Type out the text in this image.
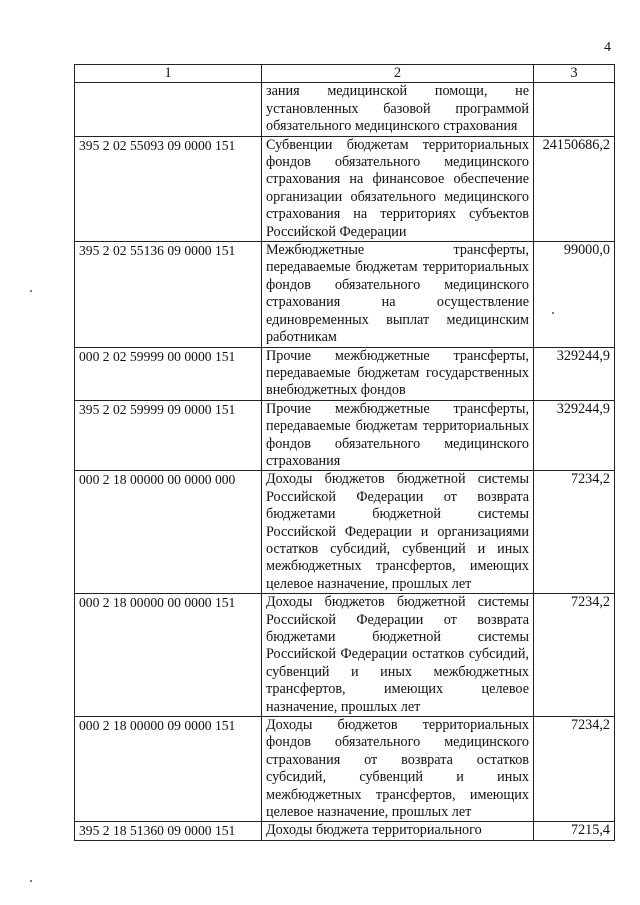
4
1	2	3
	зания медицинской помощи, не установленных базовой программой обязательного медицинского страхования	
395 2 02 55093 09 0000 151	Субвенции бюджетам территориальных фондов обязательного медицинского страхования на финансовое обеспечение организации обязательного медицинского страхования на территориях субъектов Российской Федерации	24150686,2
395 2 02 55136 09 0000 151	Межбюджетные трансферты, передаваемые бюджетам территориальных фондов обязательного медицинского страхования на осуществление единовременных выплат медицинским работникам	99000,0
000 2 02 59999 00 0000 151	Прочие межбюджетные трансферты, передаваемые бюджетам государственных внебюджетных фондов	329244,9
395 2 02 59999 09 0000 151	Прочие межбюджетные трансферты, передаваемые бюджетам территориальных фондов обязательного медицинского страхования	329244,9
000 2 18 00000 00 0000 000	Доходы бюджетов бюджетной системы Российской Федерации от возврата бюджетами бюджетной системы Российской Федерации и организациями остатков субсидий, субвенций и иных межбюджетных трансфертов, имеющих целевое назначение, прошлых лет	7234,2
000 2 18 00000 00 0000 151	Доходы бюджетов бюджетной системы Российской Федерации от возврата бюджетами бюджетной системы Российской Федерации остатков субсидий, субвенций и иных межбюджетных трансфертов, имеющих целевое назначение, прошлых лет	7234,2
000 2 18 00000 09 0000 151	Доходы бюджетов территориальных фондов обязательного медицинского страхования от возврата остатков субсидий, субвенций и иных межбюджетных трансфертов, имеющих целевое назначение, прошлых лет	7234,2
395 2 18 51360 09 0000 151	Доходы бюджета территориального	7215,4
